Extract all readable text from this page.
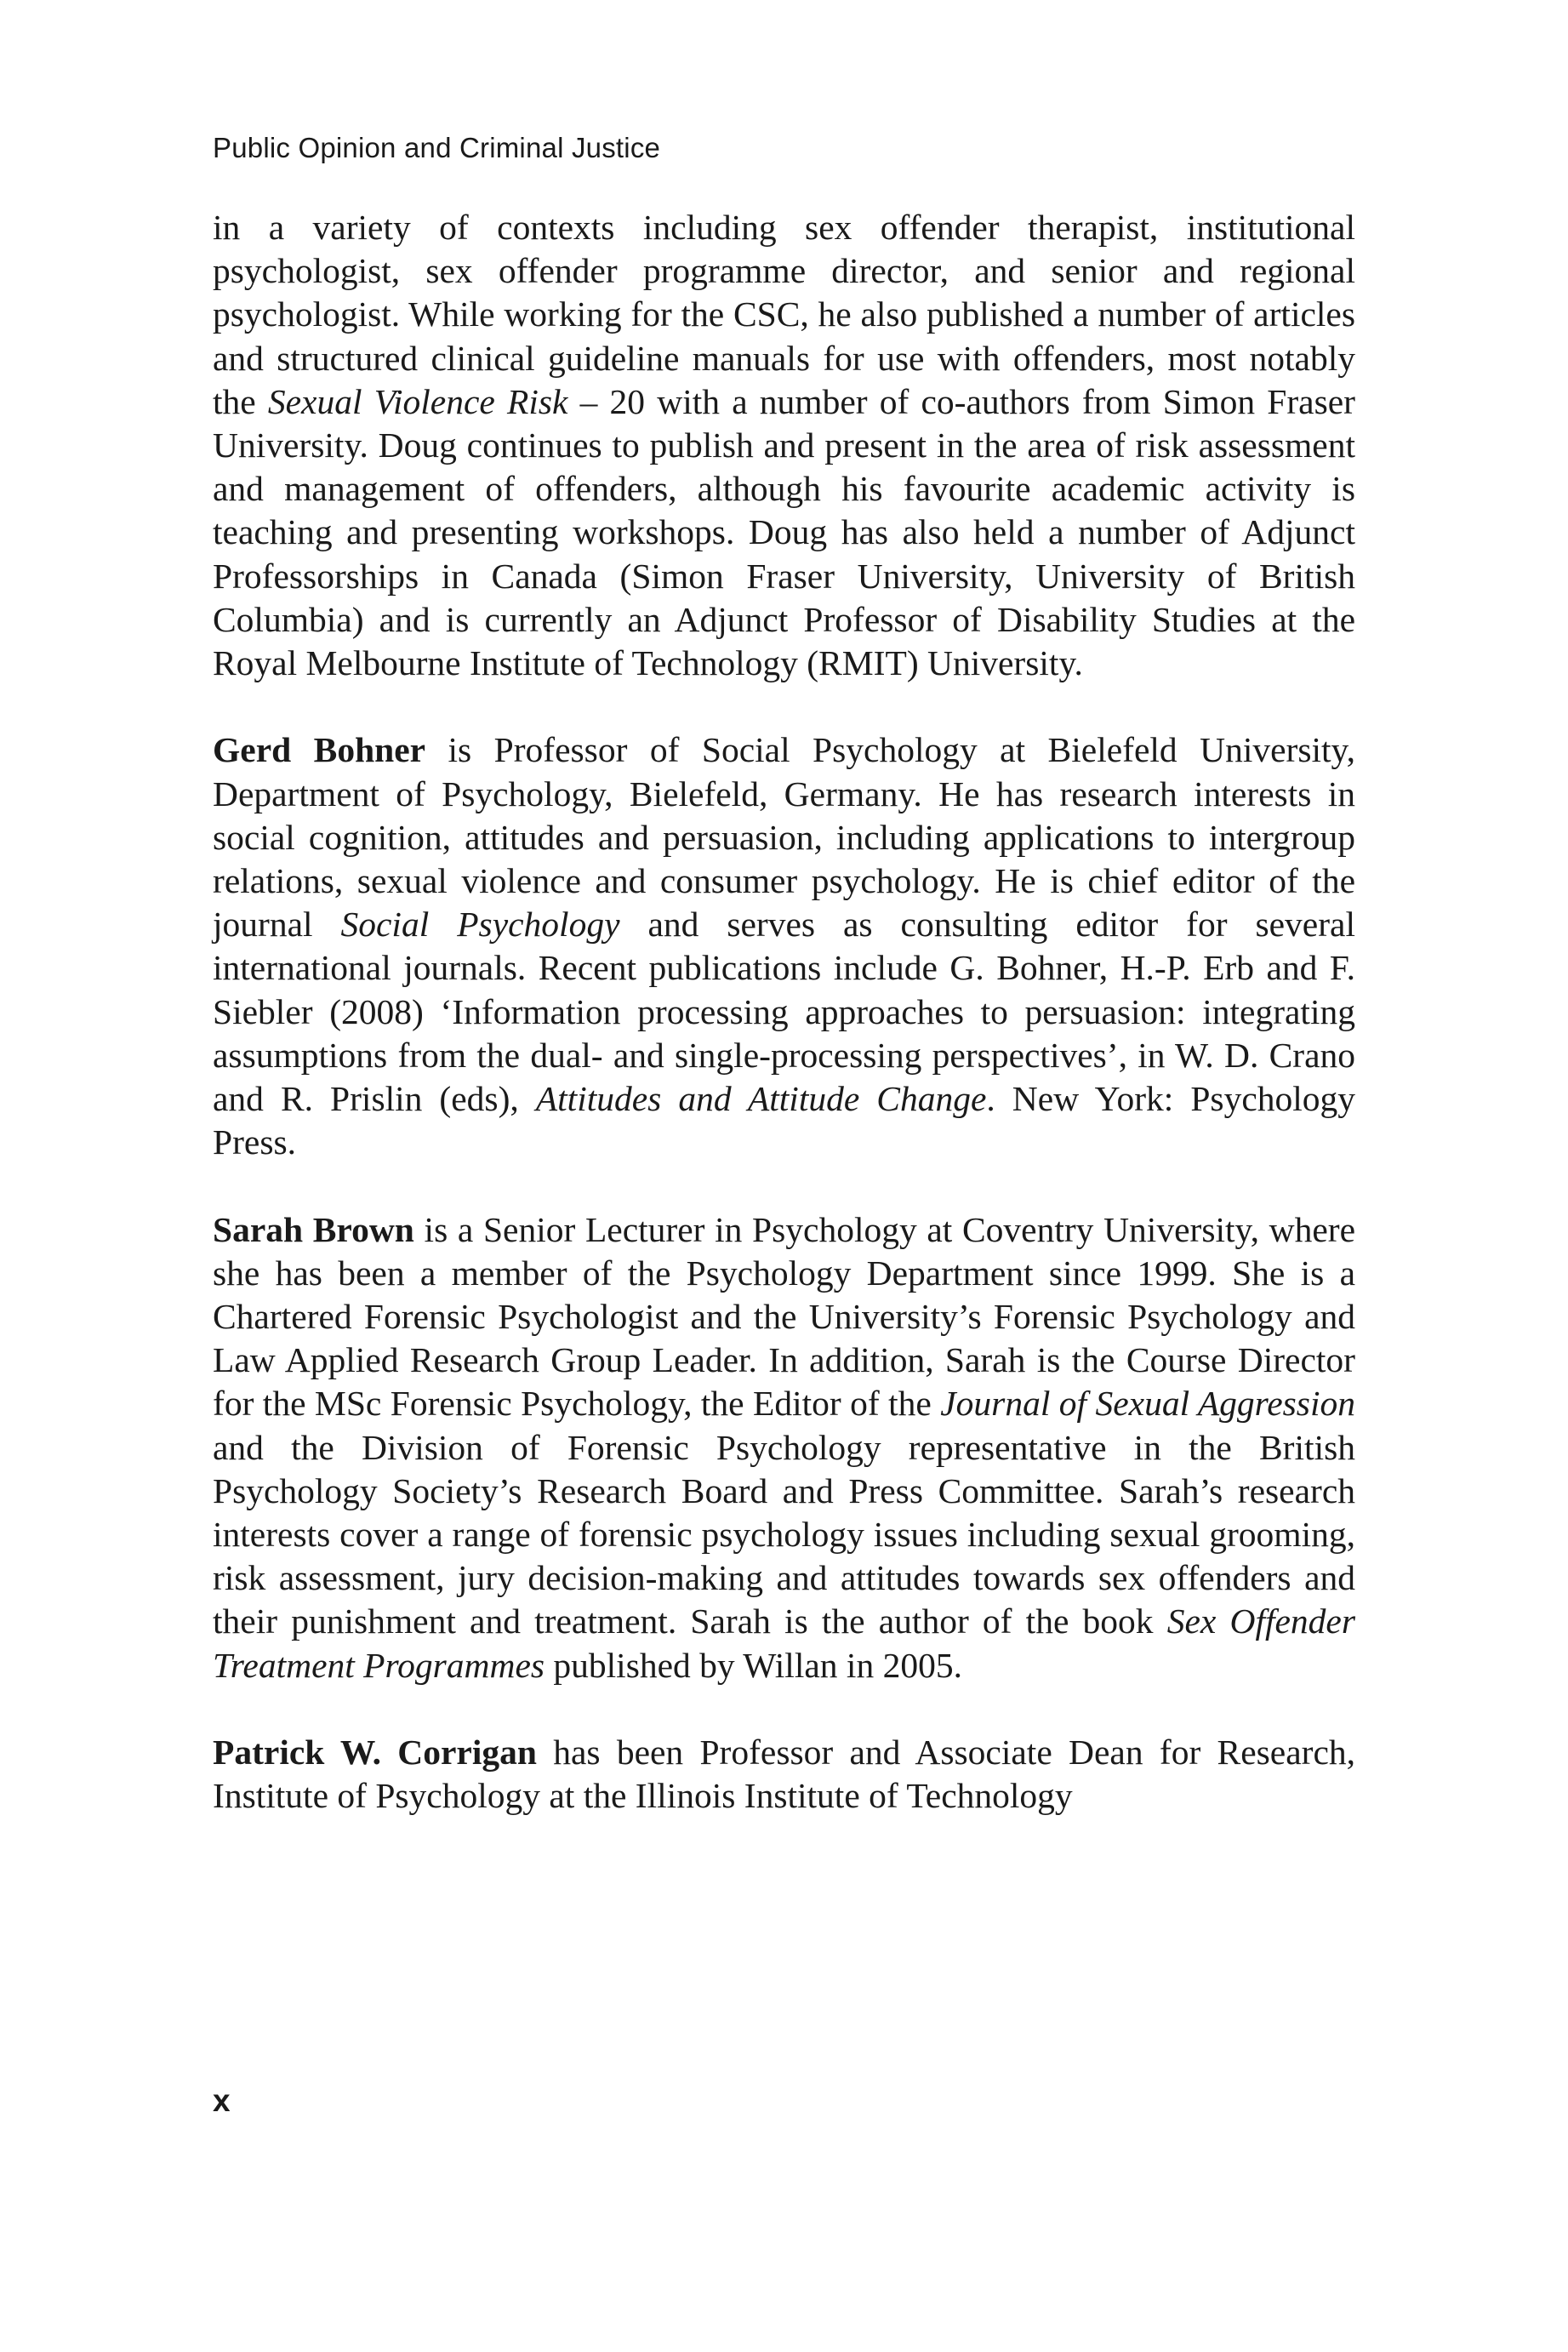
Public Opinion and Criminal Justice

in a variety of contexts including sex offender therapist, institutional psychologist, sex offender programme director, and senior and regional psychologist. While working for the CSC, he also published a number of articles and structured clinical guideline manuals for use with offenders, most notably the Sexual Violence Risk – 20 with a number of co-authors from Simon Fraser University. Doug continues to publish and present in the area of risk assessment and management of offenders, although his favourite academic activity is teaching and presenting workshops. Doug has also held a number of Adjunct Professorships in Canada (Simon Fraser University, University of British Columbia) and is currently an Adjunct Professor of Disability Studies at the Royal Melbourne Institute of Technology (RMIT) University.

Gerd Bohner is Professor of Social Psychology at Bielefeld University, Department of Psychology, Bielefeld, Germany. He has research interests in social cognition, attitudes and persuasion, including applications to intergroup relations, sexual violence and consumer psychology. He is chief editor of the journal Social Psychology and serves as consulting editor for several international journals. Recent publications include G. Bohner, H.-P. Erb and F. Siebler (2008) ‘Information processing approaches to persuasion: integrating assumptions from the dual- and single-processing perspectives’, in W. D. Crano and R. Prislin (eds), Attitudes and Attitude Change. New York: Psychology Press.

Sarah Brown is a Senior Lecturer in Psychology at Coventry University, where she has been a member of the Psychology Department since 1999. She is a Chartered Forensic Psychologist and the University’s Forensic Psychology and Law Applied Research Group Leader. In addition, Sarah is the Course Director for the MSc Forensic Psychology, the Editor of the Journal of Sexual Aggression and the Division of Forensic Psychology representative in the British Psychology Society’s Research Board and Press Committee. Sarah’s research interests cover a range of forensic psychology issues including sexual grooming, risk assessment, jury decision-making and attitudes towards sex offenders and their punishment and treatment. Sarah is the author of the book Sex Offender Treatment Programmes published by Willan in 2005.

Patrick W. Corrigan has been Professor and Associate Dean for Research, Institute of Psychology at the Illinois Institute of Technology

x
